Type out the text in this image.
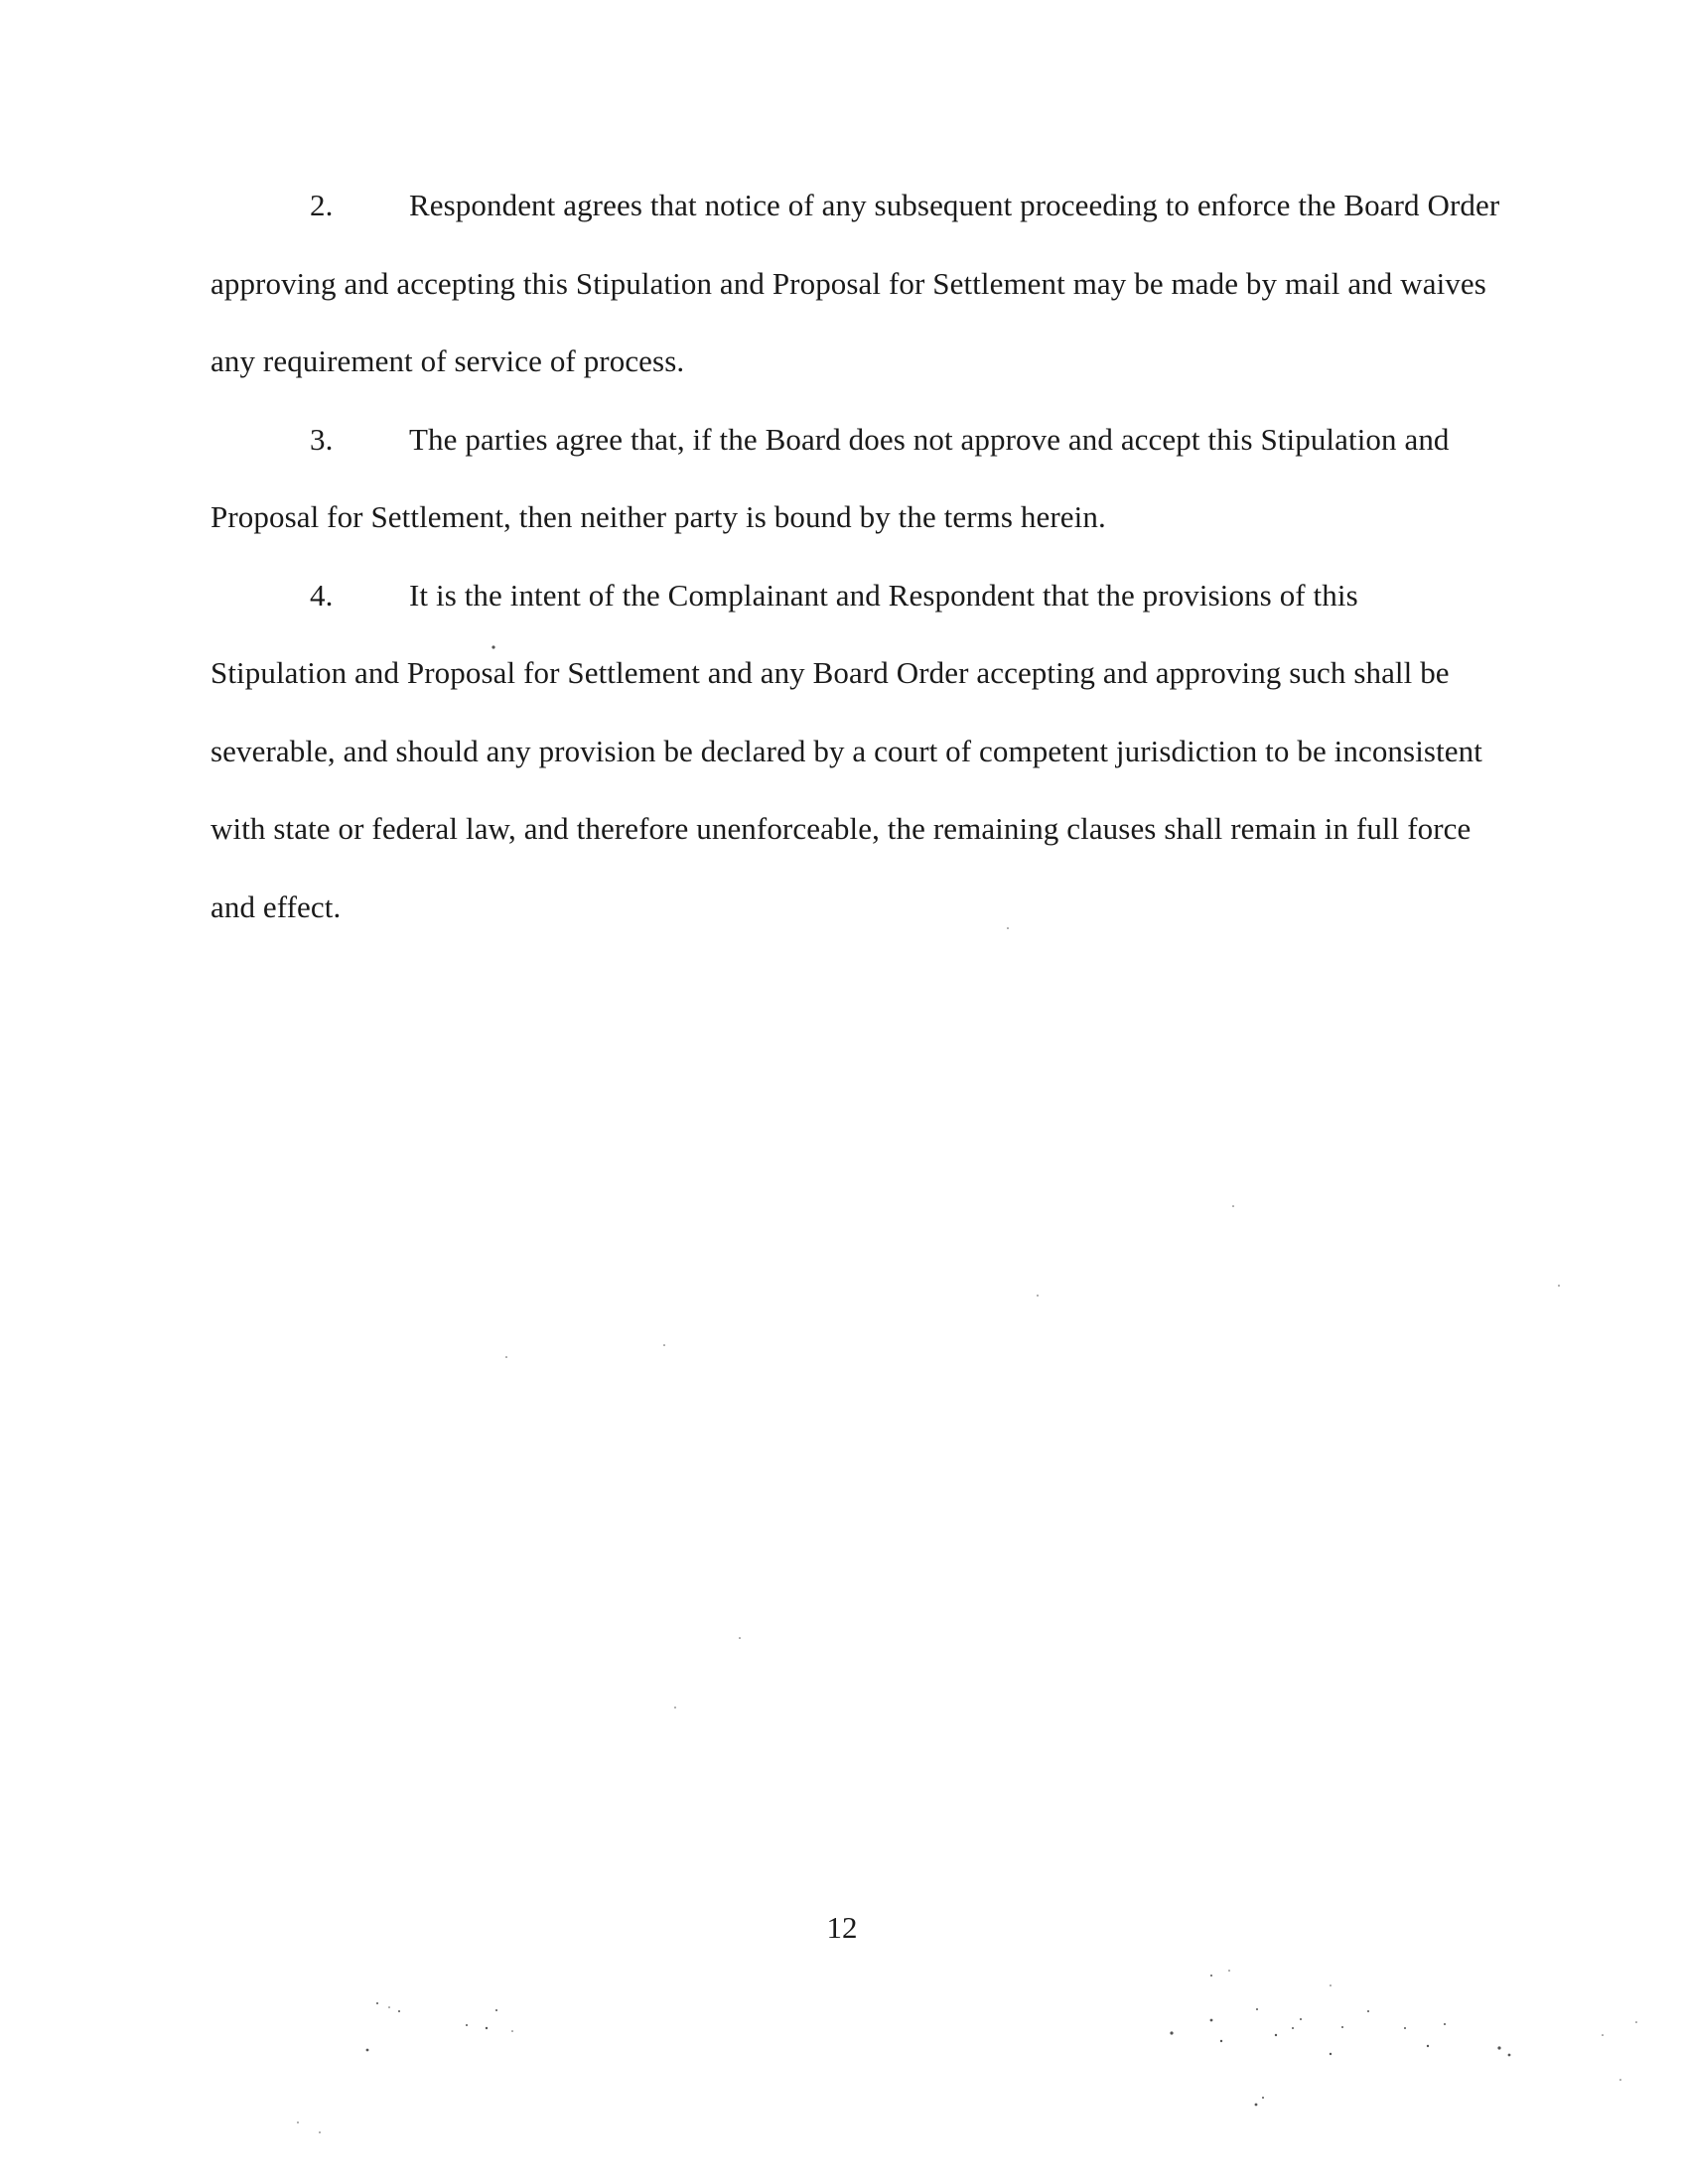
2. Respondent agrees that notice of any subsequent proceeding to enforce the Board Order approving and accepting this Stipulation and Proposal for Settlement may be made by mail and waives any requirement of service of process.

3. The parties agree that, if the Board does not approve and accept this Stipulation and Proposal for Settlement, then neither party is bound by the terms herein.

4. It is the intent of the Complainant and Respondent that the provisions of this Stipulation and Proposal for Settlement and any Board Order accepting and approving such shall be severable, and should any provision be declared by a court of competent jurisdiction to be inconsistent with state or federal law, and therefore unenforceable, the remaining clauses shall remain in full force and effect.

12
